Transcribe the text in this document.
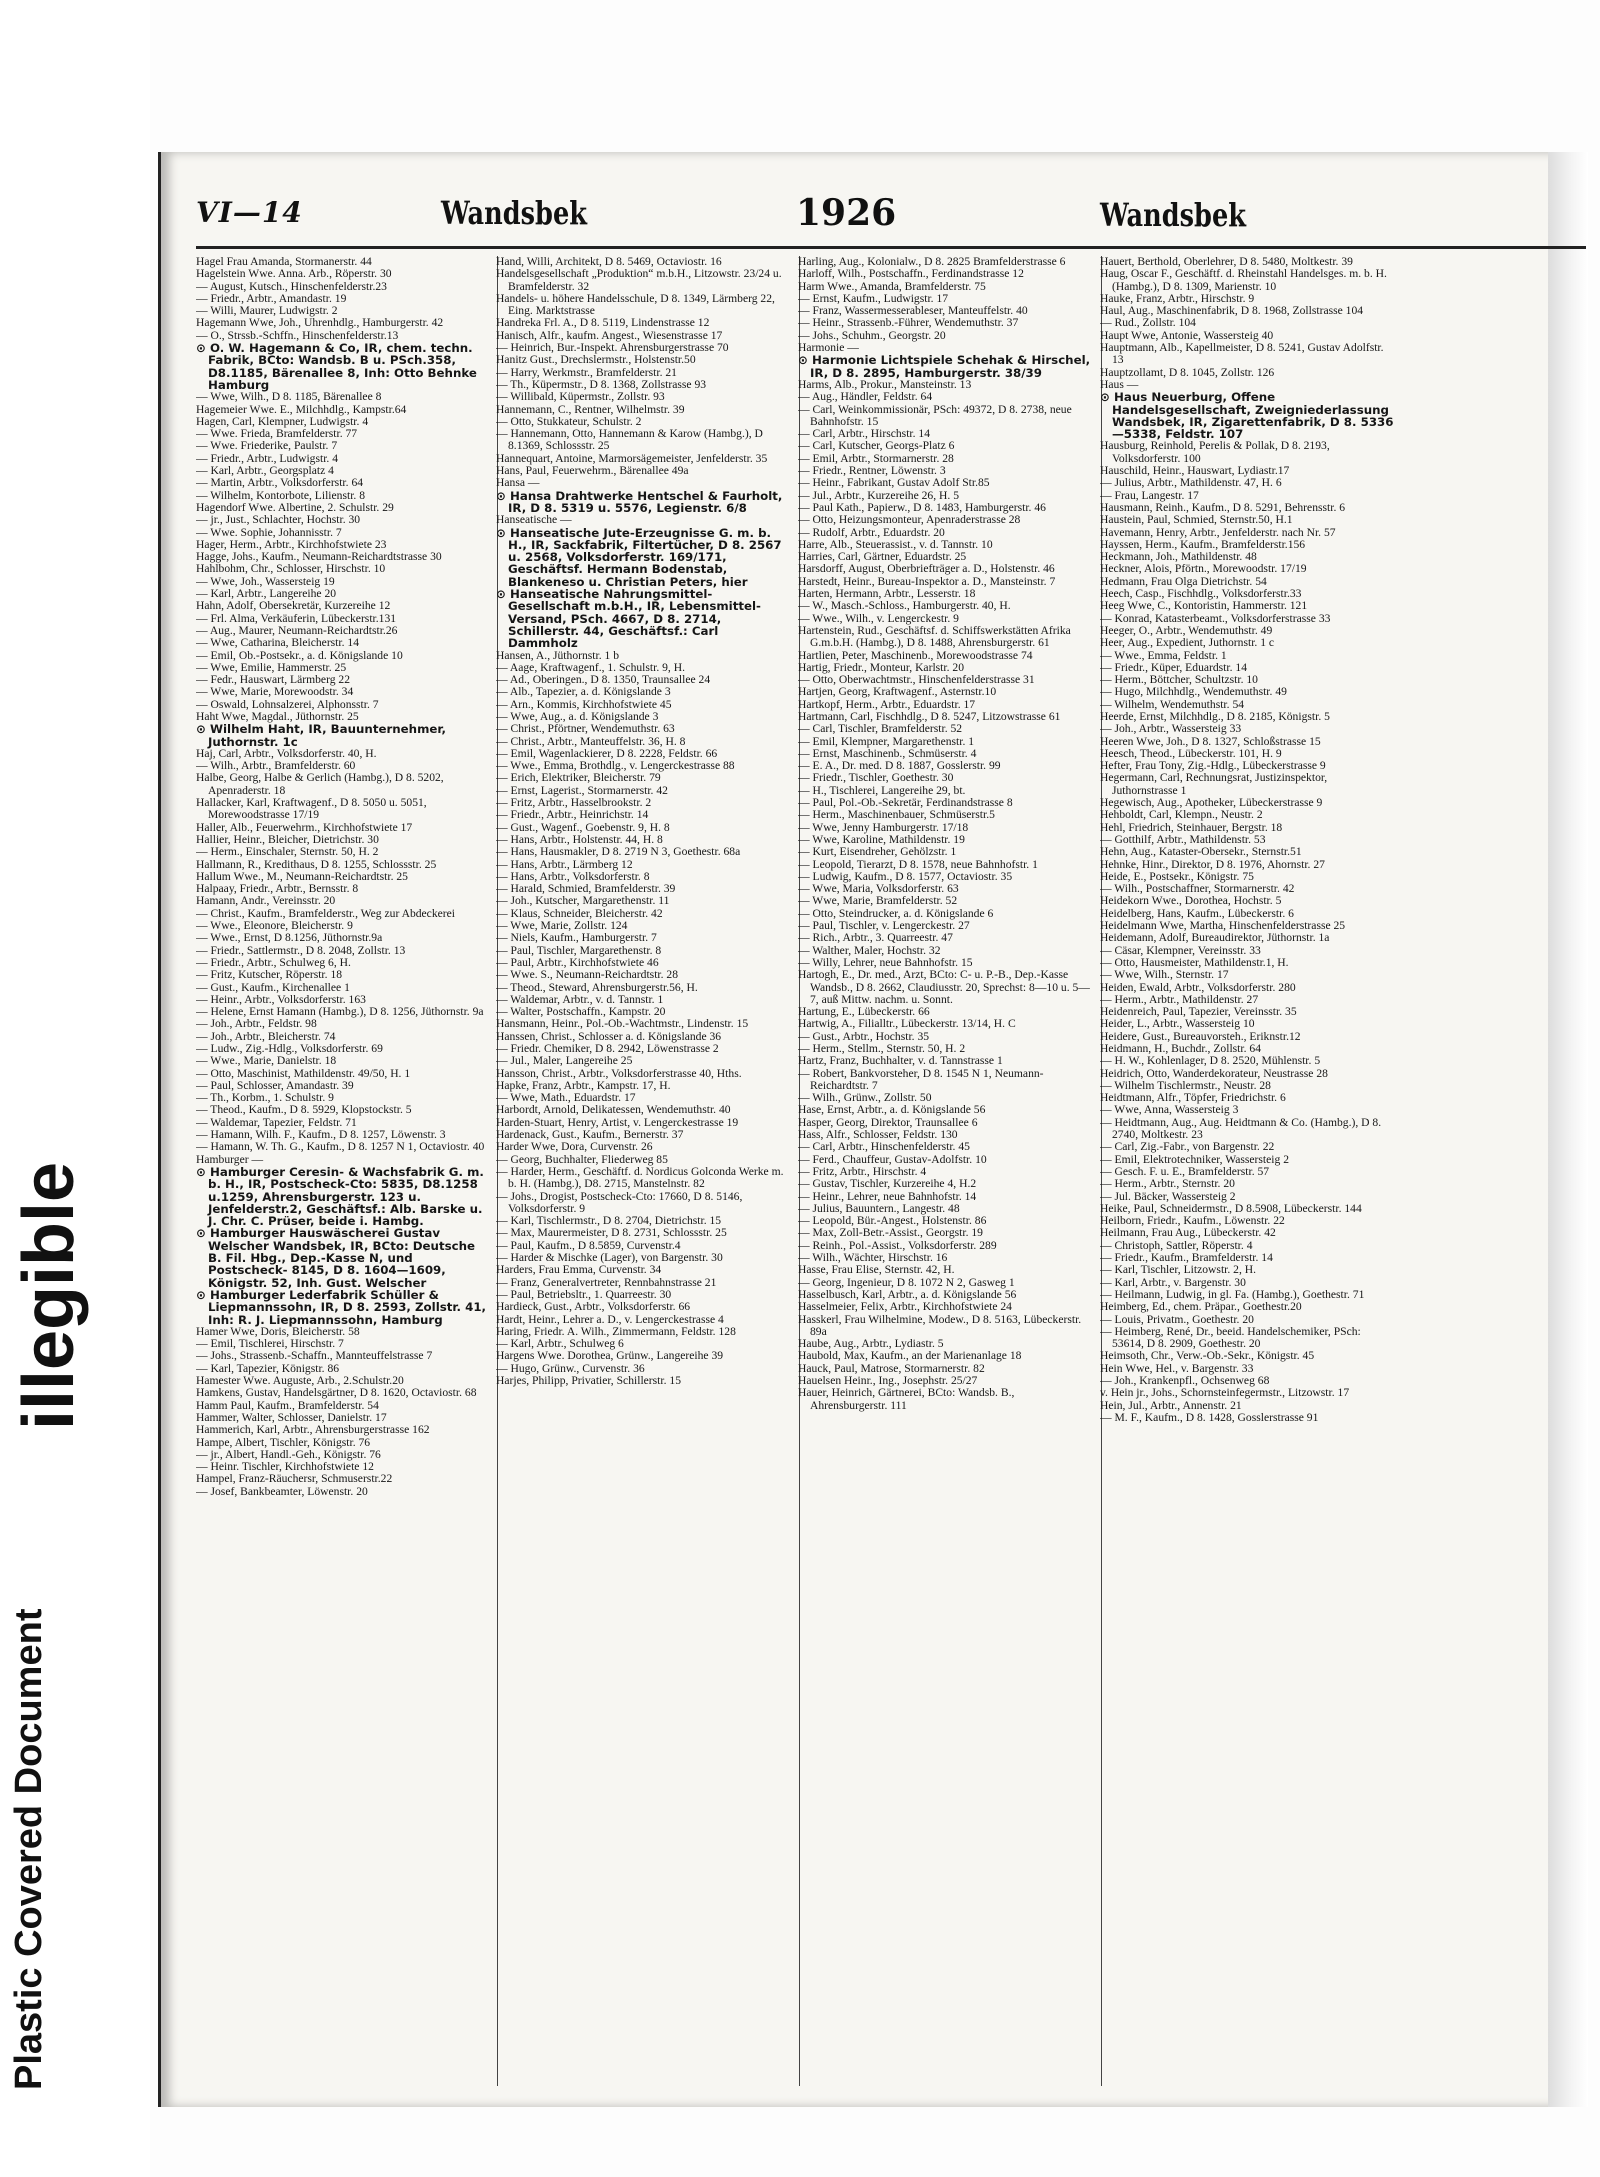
Plastic Covered Document
illegible
VI—14	Wandsbek	1926	Wandsbek

Hagel Frau Amanda, Stormanerstr. 44

Hagelstein Wwe. Anna. Arb., Röperstr. 30

— August, Kutsch., Hinschenfelderstr.23

— Friedr., Arbtr., Amandastr. 19

— Willi, Maurer, Ludwigstr. 2

Hagemann Wwe, Joh., Uhrenhdlg., Hamburgerstr. 42

— O., Strssb.-Schffn., Hinschenfelderstr.13

⊙ O. W. Hagemann & Co, IR, chem. techn. Fabrik, BCto: Wandsb. B u. PSch.358, D8.1185, Bärenallee 8, Inh: Otto Behnke Hamburg

— Wwe, Wilh., D 8. 1185, Bärenallee 8

Hagemeier Wwe. E., Milchhdlg., Kampstr.64

Hagen, Carl, Klempner, Ludwigstr. 4

— Wwe. Frieda, Bramfelderstr. 77

— Wwe. Friederike, Paulstr. 7

— Friedr., Arbtr., Ludwigstr. 4

— Karl, Arbtr., Georgsplatz 4

— Martin, Arbtr., Volksdorferstr. 64

— Wilhelm, Kontorbote, Lilienstr. 8

Hagendorf Wwe. Albertine, 2. Schulstr. 29

— jr., Just., Schlachter, Hochstr. 30

— Wwe. Sophie, Johannisstr. 7

Hager, Herm., Arbtr., Kirchhofstwiete 23

Hagge, Johs., Kaufm., Neumann-Reichardtstrasse 30

Hahlbohm, Chr., Schlosser, Hirschstr. 10

— Wwe, Joh., Wassersteig 19

— Karl, Arbtr., Langereihe 20

Hahn, Adolf, Obersekretär, Kurzereihe 12

— Frl. Alma, Verkäuferin, Lübeckerstr.131

— Aug., Maurer, Neumann-Reichardtstr.26

— Wwe, Catharina, Bleicherstr. 14

— Emil, Ob.-Postsekr., a. d. Königslande 10

— Wwe, Emilie, Hammerstr. 25

— Fedr., Hauswart, Lärmberg 22

— Wwe, Marie, Morewoodstr. 34

— Oswald, Lohnsalzerei, Alphonsstr. 7

Haht Wwe, Magdal., Jüthornstr. 25

⊙ Wilhelm Haht, IR, Bauunternehmer, Juthornstr. 1c

Haj, Carl, Arbtr., Volksdorferstr. 40, H.

— Wilh., Arbtr., Bramfelderstr. 60

Halbe, Georg, Halbe & Gerlich (Hambg.), D 8. 5202, Apenraderstr. 18

Hallacker, Karl, Kraftwagenf., D 8. 5050 u. 5051, Morewoodstrasse 17/19

Haller, Alb., Feuerwehrm., Kirchhofstwiete 17

Hallier, Heinr., Bleicher, Dietrichstr. 30

— Herm., Einschaler, Sternstr. 50, H. 2

Hallmann, R., Kredithaus, D 8. 1255, Schlossstr. 25

Hallum Wwe., M., Neumann-Reichardtstr. 25

Halpaay, Friedr., Arbtr., Bernsstr. 8

Hamann, Andr., Vereinsstr. 20

— Christ., Kaufm., Bramfelderstr., Weg zur Abdeckerei

— Wwe., Eleonore, Bleicherstr. 9

— Wwe., Ernst, D 8.1256, Jüthornstr.9a

— Friedr., Sattlermstr., D 8. 2048, Zollstr. 13

— Friedr., Arbtr., Schulweg 6, H.

— Fritz, Kutscher, Röperstr. 18

— Gust., Kaufm., Kirchenallee 1

— Heinr., Arbtr., Volksdorferstr. 163

— Helene, Ernst Hamann (Hambg.), D 8. 1256, Jüthornstr. 9a

— Joh., Arbtr., Feldstr. 98

— Joh., Arbtr., Bleicherstr. 74

— Ludw., Zig.-Hdlg., Volksdorferstr. 69

— Wwe., Marie, Danielstr. 18

— Otto, Maschinist, Mathildenstr. 49/50, H. 1

— Paul, Schlosser, Amandastr. 39

— Th., Korbm., 1. Schulstr. 9

— Theod., Kaufm., D 8. 5929, Klopstockstr. 5

— Waldemar, Tapezier, Feldstr. 71

— Hamann, Wilh. F., Kaufm., D 8. 1257, Löwenstr. 3

— Hamann, W. Th. G., Kaufm., D 8. 1257 N 1, Octaviostr. 40

Hamburger —

⊙ Hamburger Ceresin- & Wachsfabrik G. m. b. H., IR, Postscheck-Cto: 5835, D8.1258 u.1259, Ahrensburgerstr. 123 u. Jenfelderstr.2, Geschäftsf.: Alb. Barske u. J. Chr. C. Prüser, beide i. Hambg.

⊙ Hamburger Hauswäscherei Gustav Welscher Wandsbek, IR, BCto: Deutsche B. Fil. Hbg., Dep.-Kasse N, und Postscheck- 8145, D 8. 1604—1609, Königstr. 52, Inh. Gust. Welscher

⊙ Hamburger Lederfabrik Schüller & Liepmannssohn, IR, D 8. 2593, Zollstr. 41, Inh: R. J. Liepmannssohn, Hamburg

Hamer Wwe, Doris, Bleicherstr. 58

— Emil, Tischlerei, Hirschstr. 7

— Johs., Strassenb.-Schaffn., Mannteuffelstrasse 7

— Karl, Tapezier, Königstr. 86

Hamester Wwe. Auguste, Arb., 2.Schulstr.20

Hamkens, Gustav, Handelsgärtner, D 8. 1620, Octaviostr. 68

Hamm Paul, Kaufm., Bramfelderstr. 54

Hammer, Walter, Schlosser, Danielstr. 17

Hammerich, Karl, Arbtr., Ahrensburgerstrasse 162

Hampe, Albert, Tischler, Königstr. 76

— jr., Albert, Handl.-Geh., Königstr. 76

— Heinr. Tischler, Kirchhofstwiete 12

Hampel, Franz-Räuchersr, Schmuserstr.22

— Josef, Bankbeamter, Löwenstr. 20

Hand, Willi, Architekt, D 8. 5469, Octaviostr. 16

Handelsgesellschaft „Produktion“ m.b.H., Litzowstr. 23/24 u. Bramfelderstr. 32

Handels- u. höhere Handelsschule, D 8. 1349, Lärmberg 22, Eing. Marktstrasse

Handreka Frl. A., D 8. 5119, Lindenstrasse 12

Hanisch, Alfr., kaufm. Angest., Wiesenstrasse 17

— Heinrich, Bur.-Inspekt. Ahrensburgerstrasse 70

Hanitz Gust., Drechslermstr., Holstenstr.50

— Harry, Werkmstr., Bramfelderstr. 21

— Th., Küpermstr., D 8. 1368, Zollstrasse 93

— Willibald, Küpermstr., Zollstr. 93

Hannemann, C., Rentner, Wilhelmstr. 39

— Otto, Stukkateur, Schulstr. 2

— Hannemann, Otto, Hannemann & Karow (Hambg.), D 8.1369, Schlossstr. 25

Hannequart, Antoine, Marmorsägemeister, Jenfelderstr. 35

Hans, Paul, Feuerwehrm., Bärenallee 49a

Hansa —

⊙ Hansa Drahtwerke Hentschel & Faurholt, IR, D 8. 5319 u. 5576, Legienstr. 6/8

Hanseatische —

⊙ Hanseatische Jute-Erzeugnisse G. m. b. H., IR, Sackfabrik, Filtertücher, D 8. 2567 u. 2568, Volksdorferstr. 169/171, Geschäftsf. Hermann Bodenstab, Blankeneso u. Christian Peters, hier

⊙ Hanseatische Nahrungsmittel-Gesellschaft m.b.H., IR, Lebensmittel-Versand, PSch. 4667, D 8. 2714, Schillerstr. 44, Geschäftsf.: Carl Dammholz

Hansen, A., Jüthornstr. 1 b

— Aage, Kraftwagenf., 1. Schulstr. 9, H.

— Ad., Oberingen., D 8. 1350, Traunsallee 24

— Alb., Tapezier, a. d. Königslande 3

— Arn., Kommis, Kirchhofstwiete 45

— Wwe, Aug., a. d. Königslande 3

— Christ., Pförtner, Wendemuthstr. 63

— Christ., Arbtr., Manteuffelstr. 36, H. 8

— Emil, Wagenlackierer, D 8. 2228, Feldstr. 66

— Wwe., Emma, Brothdlg., v. Lengerckestrasse 88

— Erich, Elektriker, Bleicherstr. 79

— Ernst, Lagerist., Stormarnerstr. 42

— Fritz, Arbtr., Hasselbrookstr. 2

— Friedr., Arbtr., Heinrichstr. 14

— Gust., Wagenf., Goebenstr. 9, H. 8

— Hans, Arbtr., Holstenstr. 44, H. 8

— Hans, Hausmakler, D 8. 2719 N 3, Goethestr. 68a

— Hans, Arbtr., Lärmberg 12

— Hans, Arbtr., Volksdorferstr. 8

— Harald, Schmied, Bramfelderstr. 39

— Joh., Kutscher, Margarethenstr. 11

— Klaus, Schneider, Bleicherstr. 42

— Wwe, Marie, Zollstr. 124

— Niels, Kaufm., Hamburgerstr. 7

— Paul, Tischler, Margarethenstr. 8

— Paul, Arbtr., Kirchhofstwiete 46

— Wwe. S., Neumann-Reichardtstr. 28

— Theod., Steward, Ahrensburgerstr.56, H.

— Waldemar, Arbtr., v. d. Tannstr. 1

— Walter, Postschaffn., Kampstr. 20

Hansmann, Heinr., Pol.-Ob.-Wachtmstr., Lindenstr. 15

Hanssen, Christ., Schlosser a. d. Königslande 36

— Friedr. Chemiker, D 8. 2942, Löwenstrasse 2

— Jul., Maler, Langereihe 25

Hansson, Christ., Arbtr., Volksdorferstrasse 40, Hths.

Hapke, Franz, Arbtr., Kampstr. 17, H.

— Wwe, Math., Eduardstr. 17

Harbordt, Arnold, Delikatessen, Wendemuthstr. 40

Harden-Stuart, Henry, Artist, v. Lengerckestrasse 19

Hardenack, Gust., Kaufm., Bernerstr. 37

Harder Wwe, Dora, Curvenstr. 26

— Georg, Buchhalter, Fliederweg 85

— Harder, Herm., Geschäftf. d. Nordicus Golconda Werke m. b. H. (Hambg.), D8. 2715, Manstelnstr. 82

— Johs., Drogist, Postscheck-Cto: 17660, D 8. 5146, Volksdorferstr. 9

— Karl, Tischlermstr., D 8. 2704, Dietrichstr. 15

— Max, Maurermeister, D 8. 2731, Schlossstr. 25

— Paul, Kaufm., D 8.5859, Curvenstr.4

— Harder & Mischke (Lager), von Bargenstr. 30

Harders, Frau Emma, Curvenstr. 34

— Franz, Generalvertreter, Rennbahnstrasse 21

— Paul, Betriebsltr., 1. Quarreestr. 30

Hardieck, Gust., Arbtr., Volksdorferstr. 66

Hardt, Heinr., Lehrer a. D., v. Lengerckestrasse 4

Haring, Friedr. A. Wilh., Zimmermann, Feldstr. 128

— Karl, Arbtr., Schulweg 6

Hargens Wwe. Dorothea, Grünw., Langereihe 39

— Hugo, Grünw., Curvenstr. 36

Harjes, Philipp, Privatier, Schillerstr. 15

Harling, Aug., Kolonialw., D 8. 2825 Bramfelderstrasse 6

Harloff, Wilh., Postschaffn., Ferdinandstrasse 12

Harm Wwe., Amanda, Bramfelderstr. 75

— Ernst, Kaufm., Ludwigstr. 17

— Franz, Wassermesserableser, Manteuffelstr. 40

— Heinr., Strassenb.-Führer, Wendemuthstr. 37

— Johs., Schuhm., Georgstr. 20

Harmonie —

⊙ Harmonie Lichtspiele Schehak & Hirschel, IR, D 8. 2895, Hamburgerstr. 38/39

Harms, Alb., Prokur., Mansteinstr. 13

— Aug., Händler, Feldstr. 64

— Carl, Weinkommissionär, PSch: 49372, D 8. 2738, neue Bahnhofstr. 15

— Carl, Arbtr., Hirschstr. 14

— Carl, Kutscher, Georgs-Platz 6

— Emil, Arbtr., Stormarnerstr. 28

— Friedr., Rentner, Löwenstr. 3

— Heinr., Fabrikant, Gustav Adolf Str.85

— Jul., Arbtr., Kurzereihe 26, H. 5

— Paul Kath., Papierw., D 8. 1483, Hamburgerstr. 46

— Otto, Heizungsmonteur, Apenraderstrasse 28

— Rudolf, Arbtr., Eduardstr. 20

Harre, Alb., Steuerassist., v. d. Tannstr. 10

Harries, Carl, Gärtner, Eduardstr. 25

Harsdorff, August, Oberbriefträger a. D., Holstenstr. 46

Harstedt, Heinr., Bureau-Inspektor a. D., Mansteinstr. 7

Harten, Hermann, Arbtr., Lesserstr. 18

— W., Masch.-Schloss., Hamburgerstr. 40, H.

— Wwe., Wilh., v. Lengerckestr. 9

Hartenstein, Rud., Geschäftsf. d. Schiffswerkstätten Afrika G.m.b.H. (Hambg.), D 8. 1488, Ahrensburgerstr. 61

Hartlien, Peter, Maschinenb., Morewoodstrasse 74

Hartig, Friedr., Monteur, Karlstr. 20

— Otto, Oberwachtmstr., Hinschenfelderstrasse 31

Hartjen, Georg, Kraftwagenf., Asternstr.10

Hartkopf, Herm., Arbtr., Eduardstr. 17

Hartmann, Carl, Fischhdlg., D 8. 5247, Litzowstrasse 61

— Carl, Tischler, Bramfelderstr. 52

— Emil, Klempner, Margarethenstr. 1

— Ernst, Maschinenb., Schmüserstr. 4

— E. A., Dr. med. D 8. 1887, Gosslerstr. 99

— Friedr., Tischler, Goethestr. 30

— H., Tischlerei, Langereihe 29, bt.

— Paul, Pol.-Ob.-Sekretär, Ferdinandstrasse 8

— Herm., Maschinenbauer, Schmüserstr.5

— Wwe, Jenny Hamburgerstr. 17/18

— Wwe, Karoline, Mathildenstr. 19

— Kurt, Eisendreher, Gehölzstr. 1

— Leopold, Tierarzt, D 8. 1578, neue Bahnhofstr. 1

— Ludwig, Kaufm., D 8. 1577, Octaviostr. 35

— Wwe, Maria, Volksdorferstr. 63

— Wwe, Marie, Bramfelderstr. 52

— Otto, Steindrucker, a. d. Königslande 6

— Paul, Tischler, v. Lengerckestr. 27

— Rich., Arbtr., 3. Quarreestr. 47

— Walther, Maler, Hochstr. 32

— Willy, Lehrer, neue Bahnhofstr. 15

Hartogh, E., Dr. med., Arzt, BCto: C- u. P.-B., Dep.-Kasse Wandsb., D 8. 2662, Claudiusstr. 20, Sprechst: 8—10 u. 5—7, auß Mittw. nachm. u. Sonnt.

Hartung, E., Lübeckerstr. 66

Hartwig, A., Filialltr., Lübeckerstr. 13/14, H. C

— Gust., Arbtr., Hochstr. 35

— Herm., Stellm., Sternstr. 50, H. 2

Hartz, Franz, Buchhalter, v. d. Tannstrasse 1

— Robert, Bankvorsteher, D 8. 1545 N 1, Neumann-Reichardtstr. 7

— Wilh., Grünw., Zollstr. 50

Hase, Ernst, Arbtr., a. d. Königslande 56

Hasper, Georg, Direktor, Traunsallee 6

Hass, Alfr., Schlosser, Feldstr. 130

— Carl, Arbtr., Hinschenfelderstr. 45

— Ferd., Chauffeur, Gustav-Adolfstr. 10

— Fritz, Arbtr., Hirschstr. 4

— Gustav, Tischler, Kurzereihe 4, H.2

— Heinr., Lehrer, neue Bahnhofstr. 14

— Julius, Bauuntern., Langestr. 48

— Leopold, Bür.-Angest., Holstenstr. 86

— Max, Zoll-Betr.-Assist., Georgstr. 19

— Reinh., Pol.-Assist., Volksdorferstr. 289

— Wilh., Wächter, Hirschstr. 16

Hasse, Frau Elise, Sternstr. 42, H.

— Georg, Ingenieur, D 8. 1072 N 2, Gasweg 1

Hasselbusch, Karl, Arbtr., a. d. Königslande 56

Hasselmeier, Felix, Arbtr., Kirchhofstwiete 24

Hasskerl, Frau Wilhelmine, Modew., D 8. 5163, Lübeckerstr. 89a

Haube, Aug., Arbtr., Lydiastr. 5

Haubold, Max, Kaufm., an der Marienanlage 18

Hauck, Paul, Matrose, Stormarnerstr. 82

Hauelsen Heinr., Ing., Josephstr. 25/27

Hauer, Heinrich, Gärtnerei, BCto: Wandsb. B., Ahrensburgerstr. 111

Hauert, Berthold, Oberlehrer, D 8. 5480, Moltkestr. 39

Haug, Oscar F., Geschäftf. d. Rheinstahl Handelsges. m. b. H. (Hambg.), D 8. 1309, Marienstr. 10

Hauke, Franz, Arbtr., Hirschstr. 9

Haul, Aug., Maschinenfabrik, D 8. 1968, Zollstrasse 104

— Rud., Zollstr. 104

Haupt Wwe, Antonie, Wassersteig 40

Hauptmann, Alb., Kapellmeister, D 8. 5241, Gustav Adolfstr. 13

Hauptzollamt, D 8. 1045, Zollstr. 126

Haus —

⊙ Haus Neuerburg, Offene Handelsgesellschaft, Zweigniederlassung Wandsbek, IR, Zigarettenfabrik, D 8. 5336—5338, Feldstr. 107

Hausburg, Reinhold, Perelis & Pollak, D 8. 2193, Volksdorferstr. 100

Hauschild, Heinr., Hauswart, Lydiastr.17

— Julius, Arbtr., Mathildenstr. 47, H. 6

— Frau, Langestr. 17

Hausmann, Reinh., Kaufm., D 8. 5291, Behrensstr. 6

Haustein, Paul, Schmied, Sternstr.50, H.1

Havemann, Henry, Arbtr., Jenfelderstr. nach Nr. 57

Hayssen, Herm., Kaufm., Bramfelderstr.156

Heckmann, Joh., Mathildenstr. 48

Heckner, Alois, Pförtn., Morewoodstr. 17/19

Hedmann, Frau Olga Dietrichstr. 54

Heech, Casp., Fischhdlg., Volksdorferstr.33

Heeg Wwe, C., Kontoristin, Hammerstr. 121

— Konrad, Katasterbeamt., Volksdorferstrasse 33

Heeger, O., Arbtr., Wendemuthstr. 49

Heer, Aug., Expedient, Juthornstr. 1 c

— Wwe., Emma, Feldstr. 1

— Friedr., Küper, Eduardstr. 14

— Herm., Böttcher, Schultzstr. 10

— Hugo, Milchhdlg., Wendemuthstr. 49

— Wilhelm, Wendemuthstr. 54

Heerde, Ernst, Milchhdlg., D 8. 2185, Königstr. 5

— Joh., Arbtr., Wassersteig 33

Heeren Wwe, Joh., D 8. 1327, Schloßstrasse 15

Heesch, Theod., Lübeckerstr. 101, H. 9

Hefter, Frau Tony, Zig.-Hdlg., Lübeckerstrasse 9

Hegermann, Carl, Rechnungsrat, Justizinspektor, Juthornstrasse 1

Hegewisch, Aug., Apotheker, Lübeckerstrasse 9

Hehboldt, Carl, Klempn., Neustr. 2

Hehl, Friedrich, Steinhauer, Bergstr. 18

— Gotthilf, Arbtr., Mathildenstr. 53

Hehn, Aug., Kataster-Obersekr., Sternstr.51

Hehnke, Hinr., Direktor, D 8. 1976, Ahornstr. 27

Heide, E., Postsekr., Königstr. 75

— Wilh., Postschaffner, Stormarnerstr. 42

Heidekorn Wwe., Dorothea, Hochstr. 5

Heidelberg, Hans, Kaufm., Lübeckerstr. 6

Heidelmann Wwe, Martha, Hinschenfelderstrasse 25

Heidemann, Adolf, Bureaudirektor, Jüthornstr. 1a

— Cäsar, Klempner, Vereinsstr. 33

— Otto, Hausmeister, Mathildenstr.1, H.

— Wwe, Wilh., Sternstr. 17

Heiden, Ewald, Arbtr., Volksdorferstr. 280

— Herm., Arbtr., Mathildenstr. 27

Heidenreich, Paul, Tapezier, Vereinsstr. 35

Heider, L., Arbtr., Wassersteig 10

Heidere, Gust., Bureauvorsteh., Eriknstr.12

Heidmann, H., Buchdr., Zollstr. 64

— H. W., Kohlenlager, D 8. 2520, Mühlenstr. 5

Heidrich, Otto, Wanderdekorateur, Neustrasse 28

— Wilhelm Tischlermstr., Neustr. 28

Heidtmann, Alfr., Töpfer, Friedrichstr. 6

— Wwe, Anna, Wassersteig 3

— Heidtmann, Aug., Aug. Heidtmann & Co. (Hambg.), D 8. 2740, Moltkestr. 23

— Carl, Zig.-Fabr., von Bargenstr. 22

— Emil, Elektrotechniker, Wassersteig 2

— Gesch. F. u. E., Bramfelderstr. 57

— Herm., Arbtr., Sternstr. 20

— Jul. Bäcker, Wassersteig 2

Heike, Paul, Schneidermstr., D 8.5908, Lübeckerstr. 144

Heilborn, Friedr., Kaufm., Löwenstr. 22

Heilmann, Frau Aug., Lübeckerstr. 42

— Christoph, Sattler, Röperstr. 4

— Friedr., Kaufm., Bramfelderstr. 14

— Karl, Tischler, Litzowstr. 2, H.

— Karl, Arbtr., v. Bargenstr. 30

— Heilmann, Ludwig, in gl. Fa. (Hambg.), Goethestr. 71

Heimberg, Ed., chem. Präpar., Goethestr.20

— Louis, Privatm., Goethestr. 20

— Heimberg, René, Dr., beeid. Handelschemiker, PSch: 53614, D 8. 2909, Goethestr. 20

Heimsoth, Chr., Verw.-Ob.-Sekr., Königstr. 45

Hein Wwe, Hel., v. Bargenstr. 33

— Joh., Krankenpfl., Ochsenweg 68

v. Hein jr., Johs., Schornsteinfegermstr., Litzowstr. 17

Hein, Jul., Arbtr., Annenstr. 21

— M. F., Kaufm., D 8. 1428, Gosslerstrasse 91
